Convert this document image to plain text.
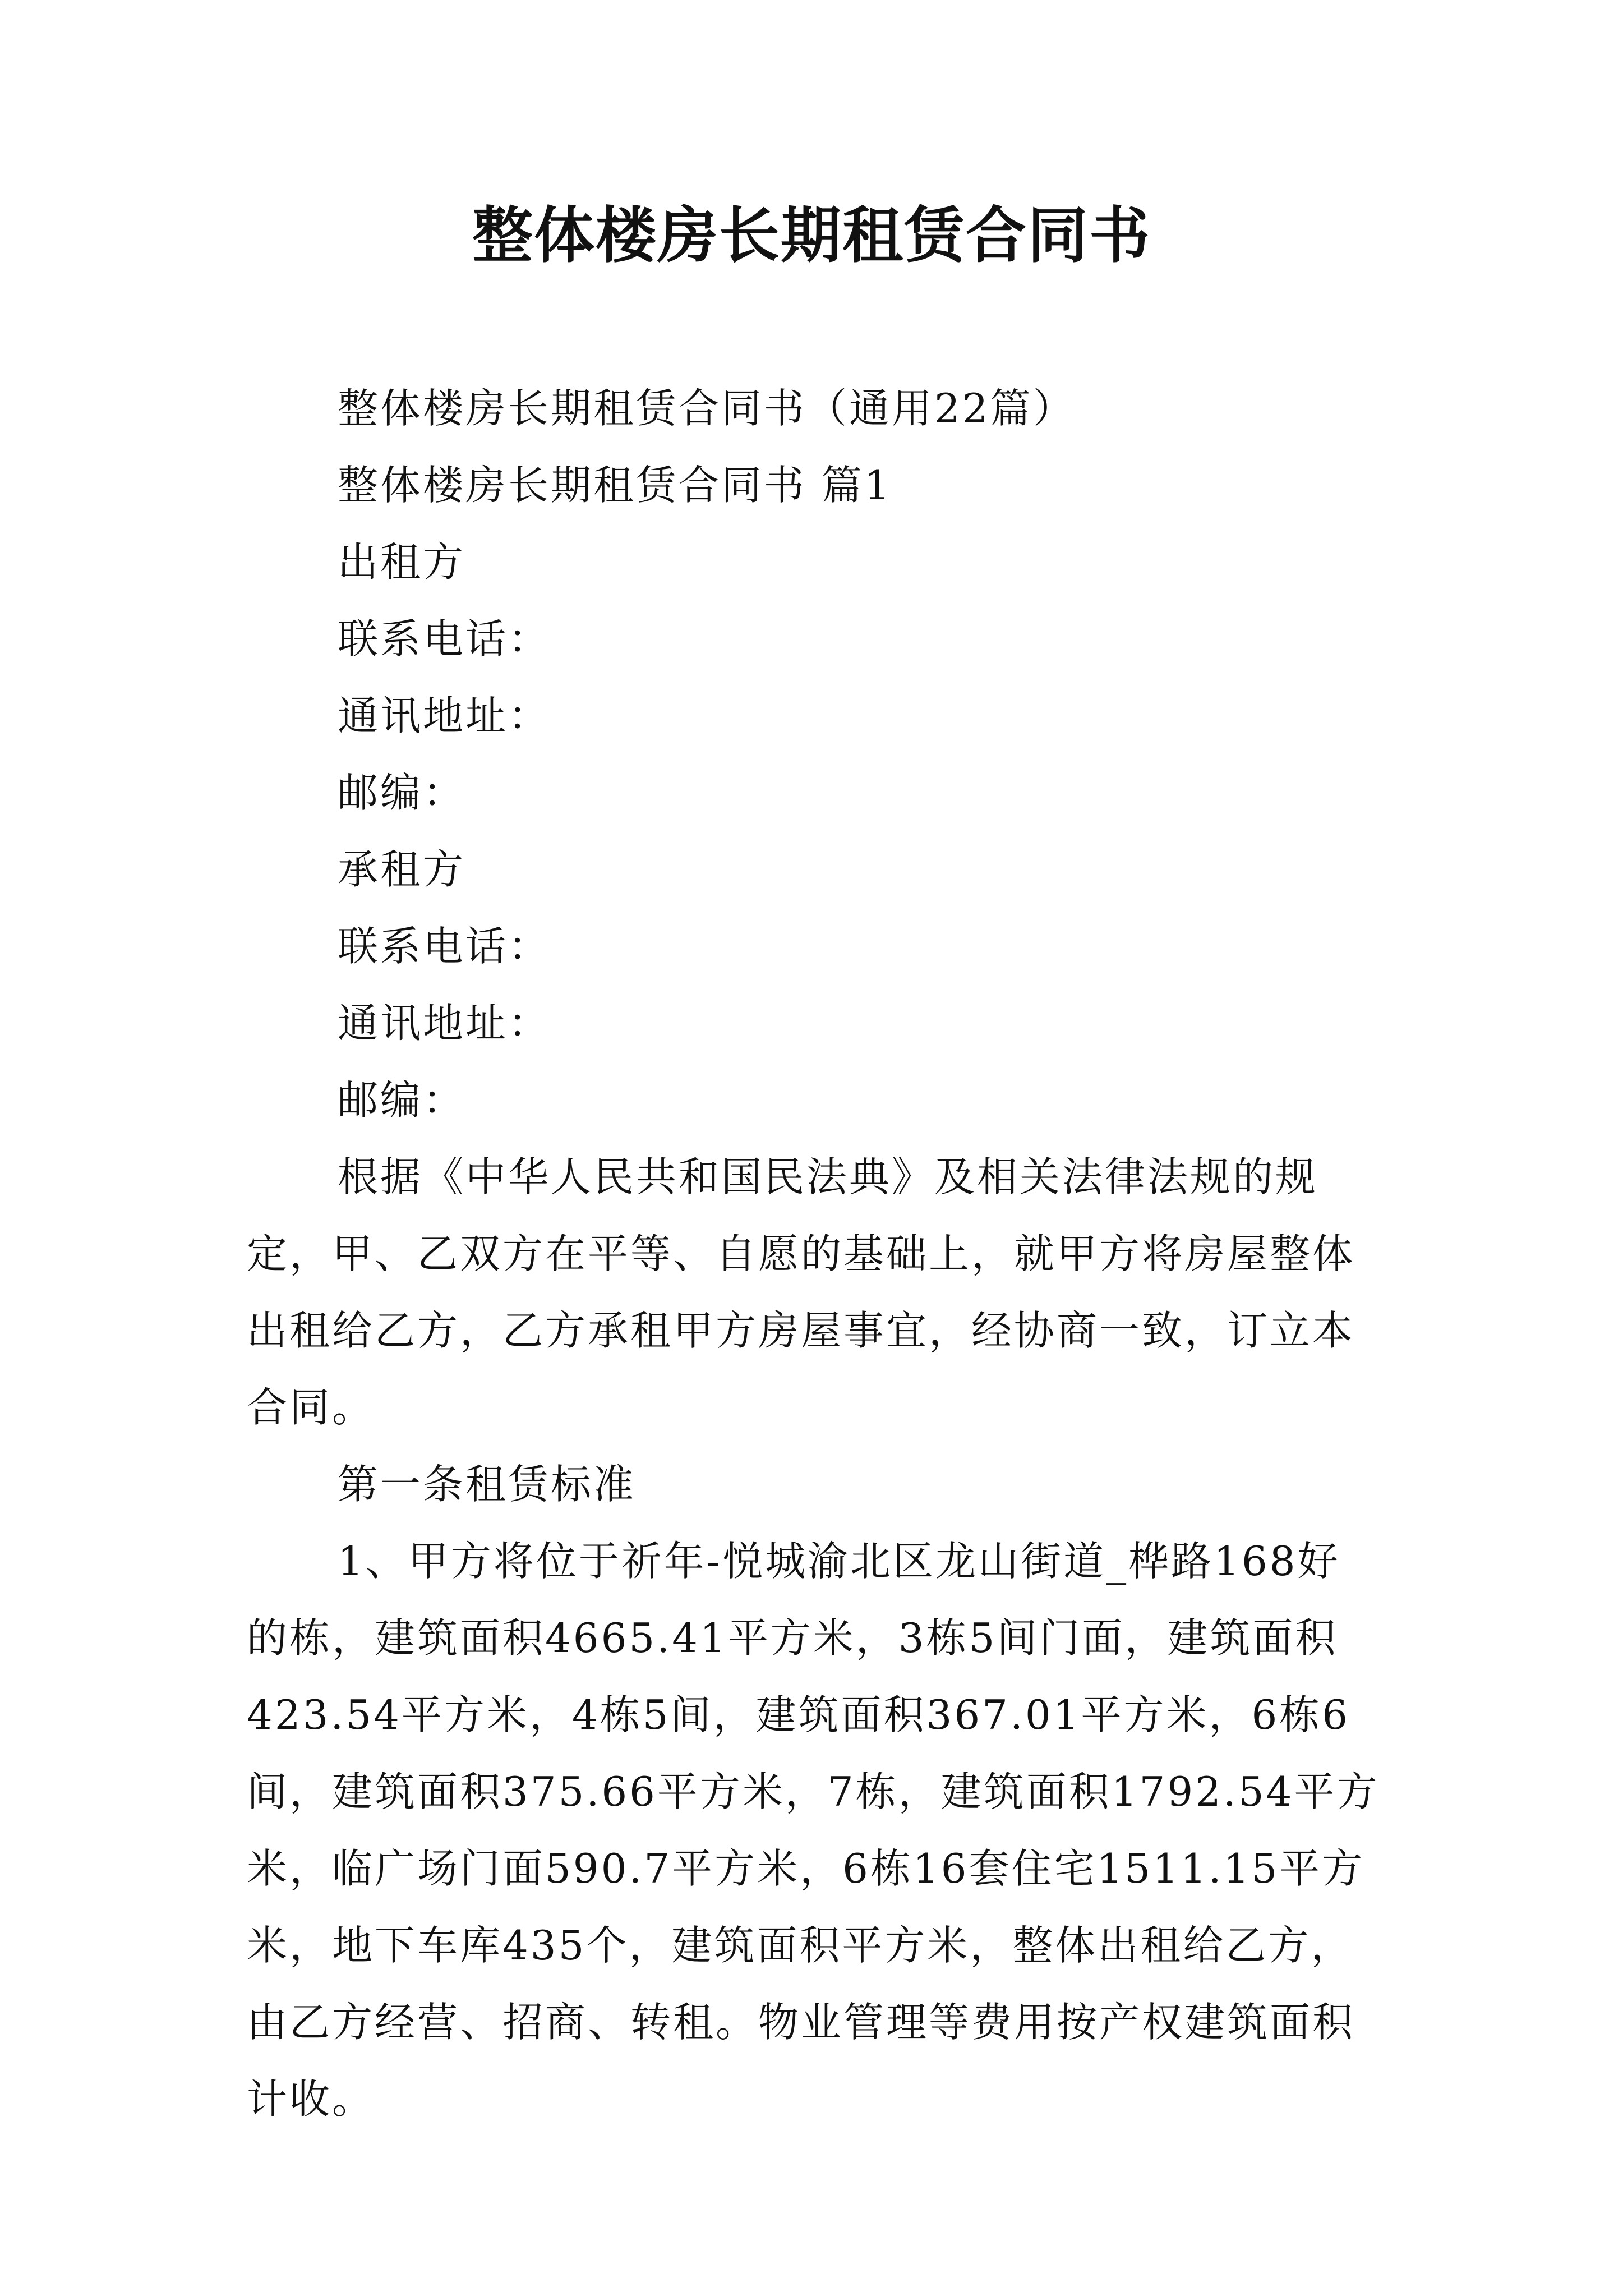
整体楼房长期租赁合同书

整体楼房长期租赁合同书（通用22篇）

整体楼房长期租赁合同书 篇1

出租方

联系电话：

通讯地址：

邮编：

承租方

联系电话：

通讯地址：

邮编：

根据《中华人民共和国民法典》及相关法律法规的规定，甲、乙双方在平等、自愿的基础上，就甲方将房屋整体出租给乙方，乙方承租甲方房屋事宜，经协商一致，订立本合同。

第一条租赁标准

1、甲方将位于祈年-悦城渝北区龙山街道_桦路168好的栋，建筑面积4665.41平方米，3栋5间门面，建筑面积423.54平方米，4栋5间，建筑面积367.01平方米，6栋6间，建筑面积375.66平方米，7栋，建筑面积1792.54平方米，临广场门面590.7平方米，6栋16套住宅1511.15平方米，地下车库435个，建筑面积平方米，整体出租给乙方，由乙方经营、招商、转租。物业管理等费用按产权建筑面积计收。
